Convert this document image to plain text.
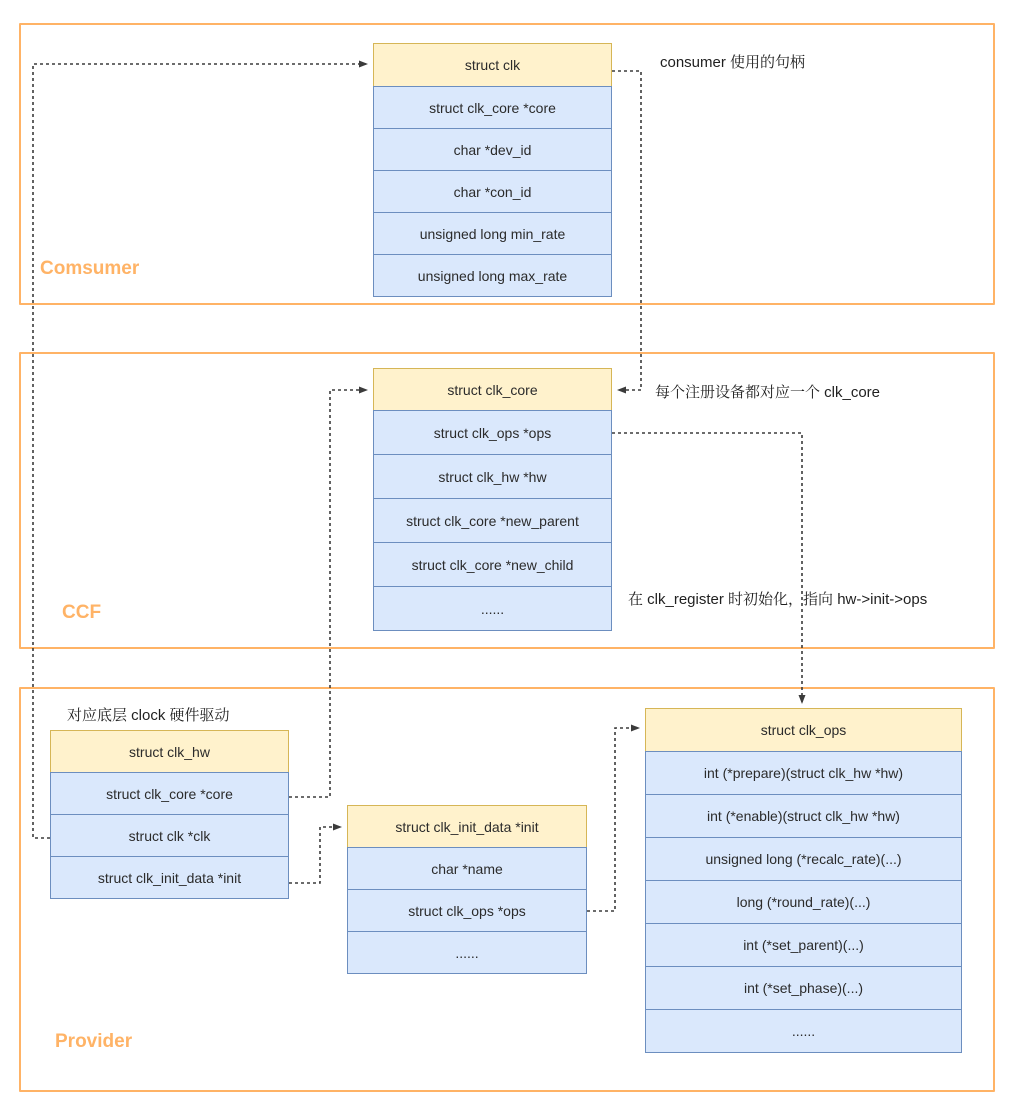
Comsumer
CCF
Provider
struct clk
struct clk_core *core
char *dev_id
char *con_id
unsigned long min_rate
unsigned long max_rate
struct clk_core
struct clk_ops *ops
struct clk_hw *hw
struct clk_core *new_parent
struct clk_core *new_child
......
struct clk_hw
struct clk_core *core
struct clk *clk
struct clk_init_data *init
struct clk_init_data *init
char *name
struct clk_ops *ops
......
struct clk_ops
int (*prepare)(struct clk_hw *hw)
int (*enable)(struct clk_hw *hw)
unsigned long (*recalc_rate)(...)
long (*round_rate)(...)
int (*set_parent)(...)
int (*set_phase)(...)
......
consumer 使用的句柄
每个注册设备都对应一个 clk_core
在 clk_register 时初始化，指向 hw->init->ops
对应底层 clock 硬件驱动
